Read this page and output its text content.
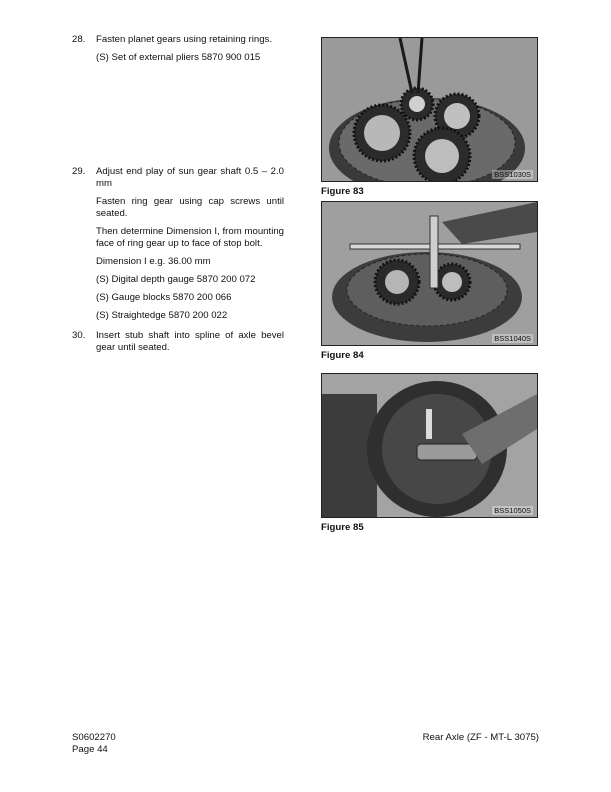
28. Fasten planet gears using retaining rings.

(S) Set of external pliers 5870 900 015

29. Adjust end play of sun gear shaft 0.5 – 2.0 mm

Fasten ring gear using cap screws until seated.

Then determine Dimension I, from mounting face of ring gear up to face of stop bolt.

Dimension I e.g. 36.00 mm

(S) Digital depth gauge 5870 200 072

(S) Gauge blocks 5870 200 066

(S) Straightedge 5870 200 022

30. Insert stub shaft into spline of axle bevel gear until seated.

BSS1030S
Figure 83
BSS1040S
Figure 84
BSS1050S
Figure 85
S0602270
Page 44
Rear Axle (ZF - MT-L 3075)
